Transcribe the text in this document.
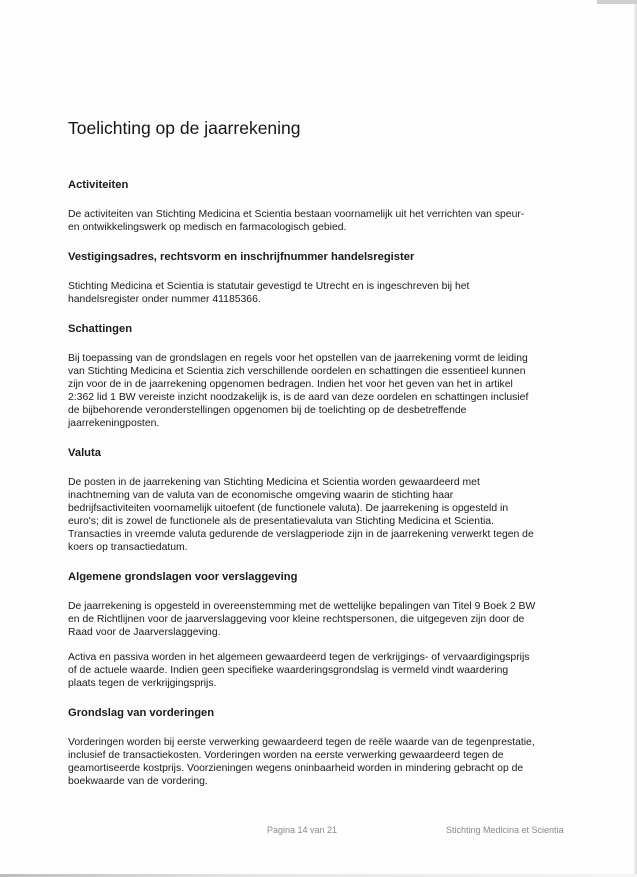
Toelichting op de jaarrekening
Activiteiten

De activiteiten van Stichting Medicina et Scientia bestaan voornamelijk uit het verrichten van speur-
en ontwikkelingswerk op medisch en farmacologisch gebied.

Vestigingsadres, rechtsvorm en inschrijfnummer handelsregister

Stichting Medicina et Scientia is statutair gevestigd te Utrecht en is ingeschreven bij het
handelsregister onder nummer 41185366.

Schattingen

Bij toepassing van de grondslagen en regels voor het opstellen van de jaarrekening vormt de leiding
van Stichting Medicina et Scientia zich verschillende oordelen en schattingen die essentieel kunnen
zijn voor de in de jaarrekening opgenomen bedragen. Indien het voor het geven van het in artikel
2:362 lid 1 BW vereiste inzicht noodzakelijk is, is de aard van deze oordelen en schattingen inclusief
de bijbehorende veronderstellingen opgenomen bij de toelichting op de desbetreffende
jaarrekeningposten.

Valuta

De posten in de jaarrekening van Stichting Medicina et Scientia worden gewaardeerd met
inachtneming van de valuta van de economische omgeving waarin de stichting haar
bedrijfsactiviteiten voornamelijk uitoefent (de functionele valuta). De jaarrekening is opgesteld in
euro's; dit is zowel de functionele als de presentatievaluta van Stichting Medicina et Scientia.
Transacties in vreemde valuta gedurende de verslagperiode zijn in de jaarrekening verwerkt tegen de
koers op transactiedatum.

Algemene grondslagen voor verslaggeving

De jaarrekening is opgesteld in overeenstemming met de wettelijke bepalingen van Titel 9 Boek 2 BW
en de Richtlijnen voor de jaarverslaggeving voor kleine rechtspersonen, die uitgegeven zijn door de
Raad voor de Jaarverslaggeving.

Activa en passiva worden in het algemeen gewaardeerd tegen de verkrijgings- of vervaardigingsprijs
of de actuele waarde. Indien geen specifieke waarderingsgrondslag is vermeld vindt waardering
plaats tegen de verkrijgingsprijs.

Grondslag van vorderingen

Vorderingen worden bij eerste verwerking gewaardeerd tegen de reële waarde van de tegenprestatie,
inclusief de transactiekosten. Vorderingen worden na eerste verwerking gewaardeerd tegen de
geamortiseerde kostprijs. Voorzieningen wegens oninbaarheid worden in mindering gebracht op de
boekwaarde van de vordering.

Pagina 14 van 21	Stichting Medicina et Scientia
